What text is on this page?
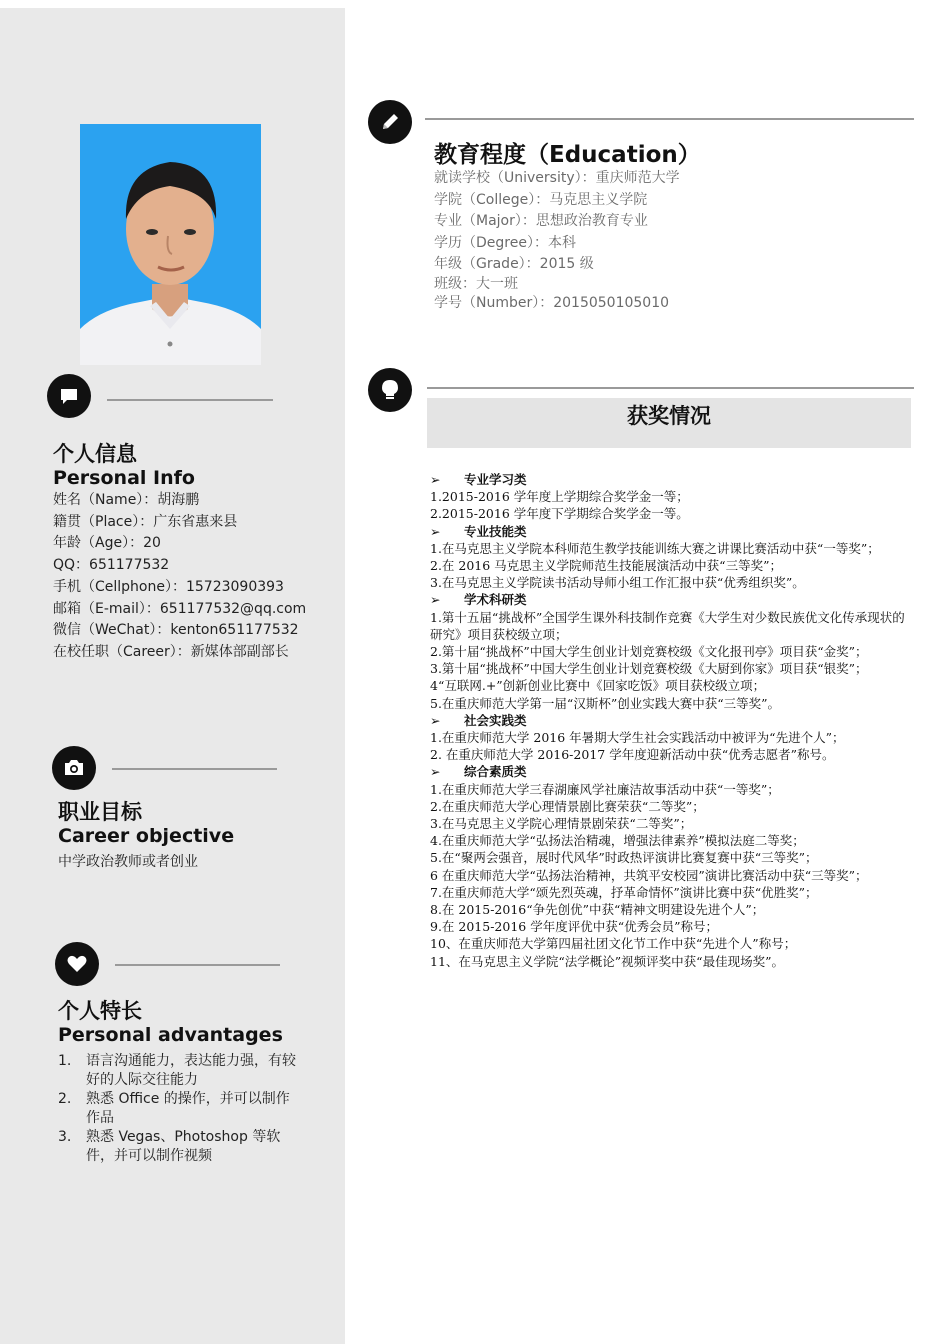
个人信息
Personal Info
姓名（Name）：胡海鹏
籍贯（Place）：广东省惠来县
年龄（Age）：20
QQ：651177532
手机（Cellphone）：15723090393
邮箱（E-mail）：651177532@qq.com
微信（WeChat）：kenton651177532
在校任职（Career）：新媒体部副部长
职业目标
Career objective
中学政治教师或者创业
个人特长
Personal advantages
1.	语言沟通能力，表达能力强，有较好的人际交往能力
2.	熟悉 Office 的操作，并可以制作作品
3.	熟悉 Vegas、Photoshop 等软件，并可以制作视频
教育程度（Education）
就读学校（University）：重庆师范大学
学院（College）：马克思主义学院
专业（Major）：思想政治教育专业
学历（Degree）：本科
年级（Grade）：2015 级
班级：大一班
学号（Number）：2015050105010
获奖情况
➢	专业学习类
1.2015-2016 学年度上学期综合奖学金一等；
2.2015-2016 学年度下学期综合奖学金一等。
➢	专业技能类
1.在马克思主义学院本科师范生教学技能训练大赛之讲课比赛活动中获“一等奖”；
2.在 2016 马克思主义学院师范生技能展演活动中获“三等奖”；
3.在马克思主义学院读书活动导师小组工作汇报中获“优秀组织奖”。
➢	学术科研类
1.第十五届“挑战杯”全国学生课外科技制作竞赛《大学生对少数民族优文化传承现状的研究》项目获校级立项；
2.第十届“挑战杯”中国大学生创业计划竞赛校级《文化报刊亭》项目获“金奖”；
3.第十届“挑战杯”中国大学生创业计划竞赛校级《大厨到你家》项目获“银奖”；
4“互联网.+”创新创业比赛中《回家吃饭》项目获校级立项；
5.在重庆师范大学第一届“汉斯杯”创业实践大赛中获“三等奖”。
➢	社会实践类
1.在重庆师范大学 2016 年暑期大学生社会实践活动中被评为“先进个人”；
2. 在重庆师范大学 2016-2017 学年度迎新活动中获“优秀志愿者”称号。
➢	综合素质类
1.在重庆师范大学三春湖廉风学社廉洁故事活动中获“一等奖”；
2.在重庆师范大学心理情景剧比赛荣获“二等奖”；
3.在马克思主义学院心理情景剧荣获“二等奖”；
4.在重庆师范大学“弘扬法治精魂，增强法律素养”模拟法庭二等奖；
5.在“聚两会强音，展时代风华”时政热评演讲比赛复赛中获“三等奖”；
6 在重庆师范大学“弘扬法治精神，共筑平安校园”演讲比赛活动中获“三等奖”；
7.在重庆师范大学“颂先烈英魂，抒革命情怀”演讲比赛中获“优胜奖”；
8.在 2015-2016“争先创优”中获“精神文明建设先进个人”；
9.在 2015-2016 学年度评优中获“优秀会员”称号；
10、在重庆师范大学第四届社团文化节工作中获“先进个人”称号；
11、在马克思主义学院“法学概论”视频评奖中获“最佳现场奖”。
